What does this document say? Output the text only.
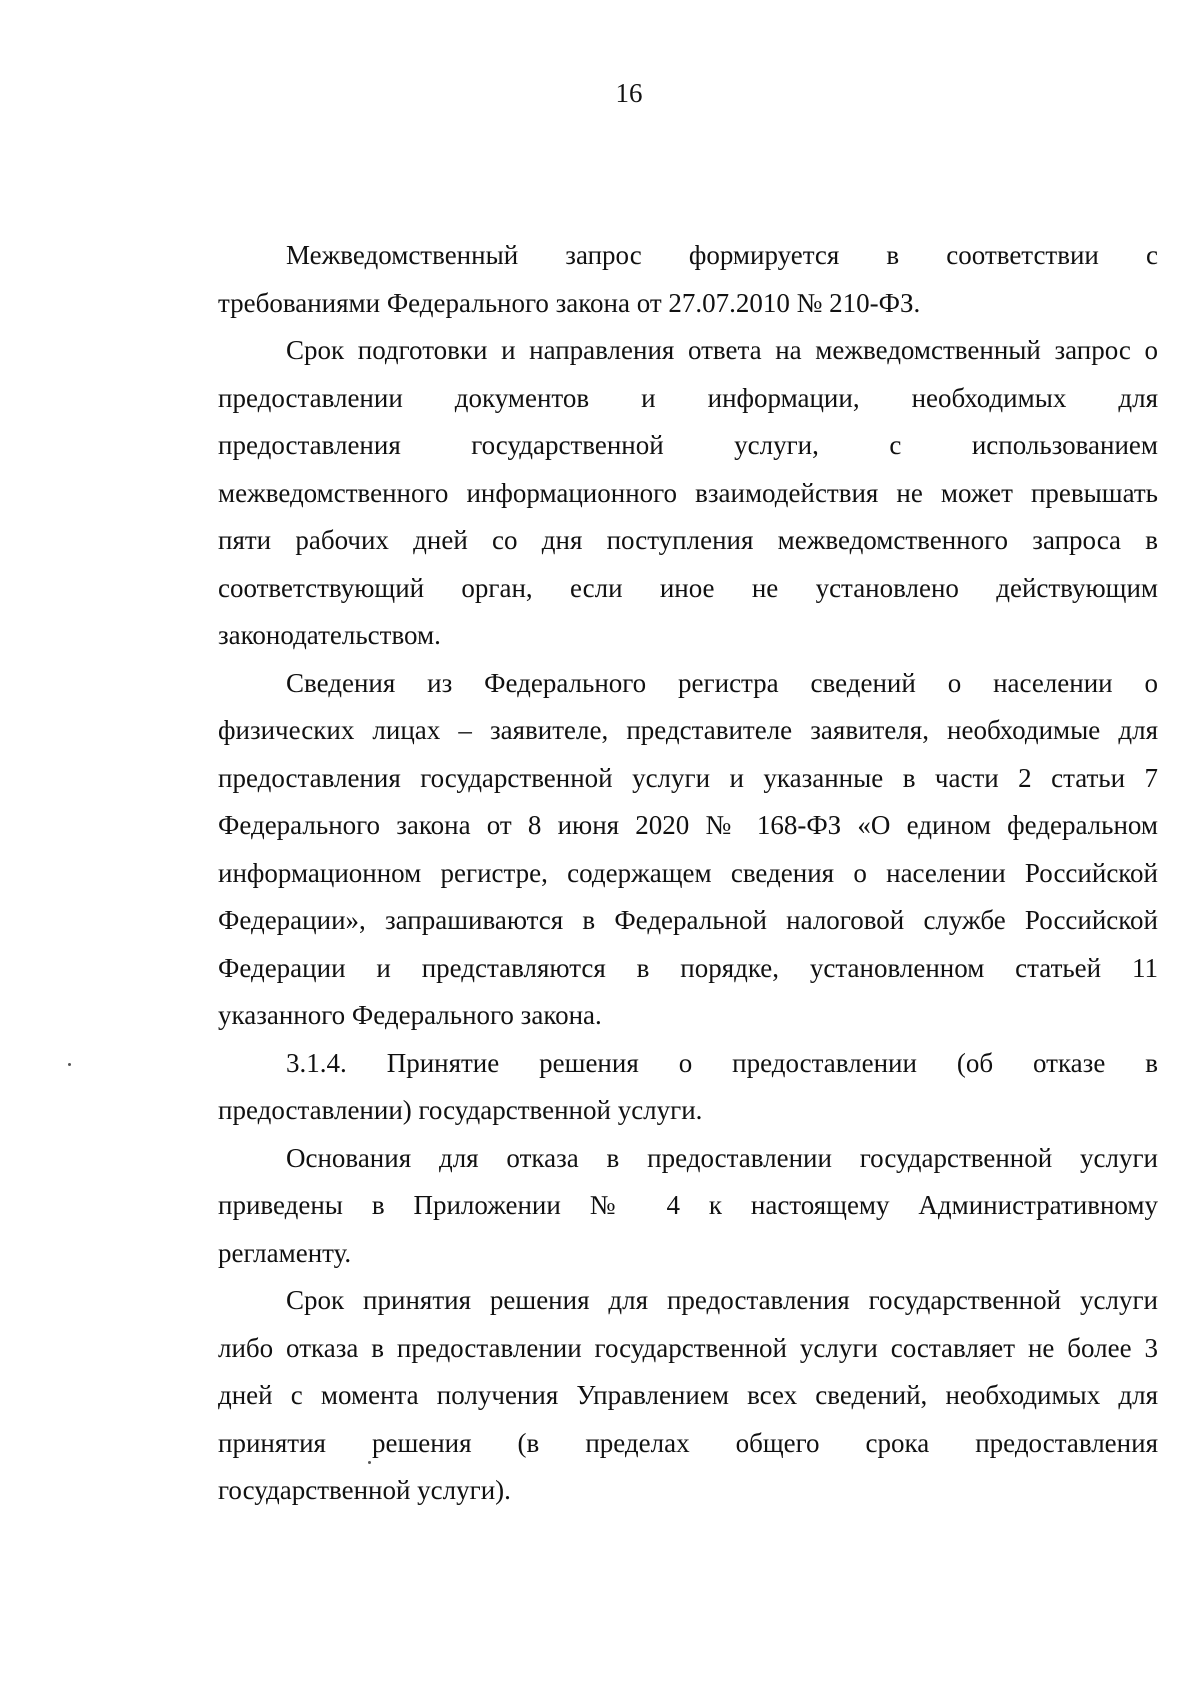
16

Межведомственный запрос формируется в соответствии с
требованиями Федерального закона от 27.07.2010 № 210-ФЗ.

Срок подготовки и направления ответа на межведомственный запрос о
предоставлении документов и информации, необходимых для
предоставления государственной услуги, с использованием
межведомственного информационного взаимодействия не может превышать
пяти рабочих дней со дня поступления межведомственного запроса в
соответствующий орган, если иное не установлено действующим
законодательством.

Сведения из Федерального регистра сведений о населении о
физических лицах – заявителе, представителе заявителя, необходимые для
предоставления государственной услуги и указанные в части 2 статьи 7
Федерального закона от 8 июня 2020 № 168-ФЗ «О едином федеральном
информационном регистре, содержащем сведения о населении Российской
Федерации», запрашиваются в Федеральной налоговой службе Российской
Федерации и представляются в порядке, установленном статьей 11
указанного Федерального закона.

3.1.4. Принятие решения о предоставлении (об отказе в
предоставлении) государственной услуги.

Основания для отказа в предоставлении государственной услуги
приведены в Приложении № 4 к настоящему Административному
регламенту.

Срок принятия решения для предоставления государственной услуги
либо отказа в предоставлении государственной услуги составляет не более 3
дней с момента получения Управлением всех сведений, необходимых для
принятия решения (в пределах общего срока предоставления
государственной услуги).
